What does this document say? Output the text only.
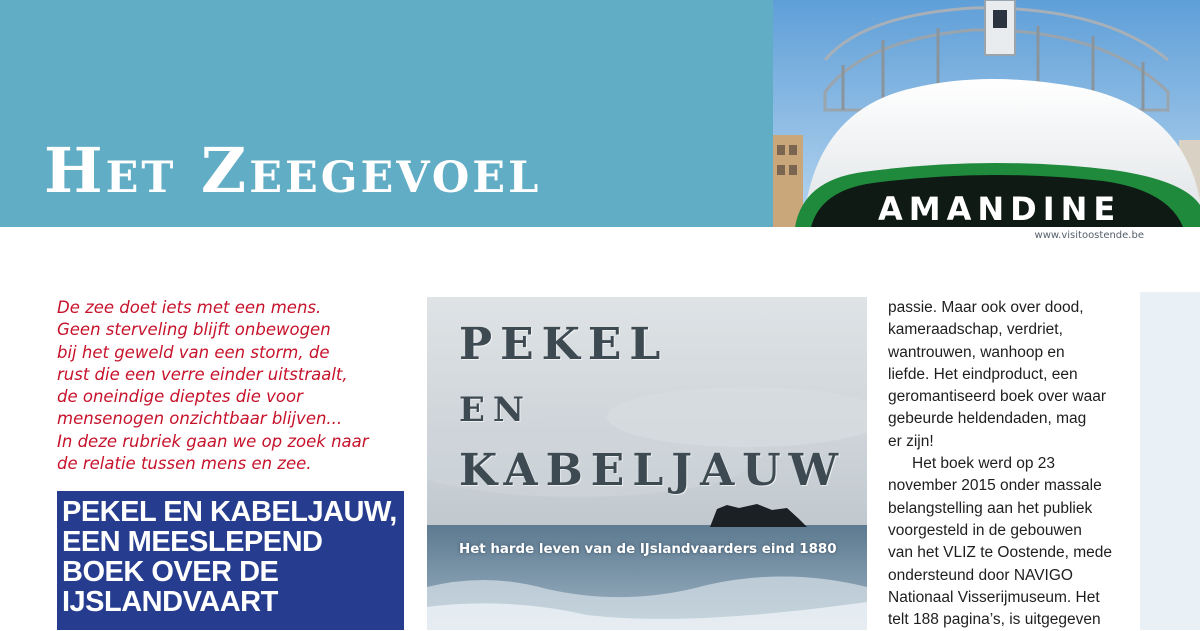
Het Zeegevoel
AMANDINE
www.visitoostende.be

De zee doet iets met een mens.
Geen sterveling blijft onbewogen
bij het geweld van een storm, de
rust die een verre einder uitstraalt,
de oneindige dieptes die voor
mensenogen onzichtbaar blijven...
In deze rubriek gaan we op zoek naar
de relatie tussen mens en zee.

PEKEL EN KABELJAUW,
EEN MEESLEPEND
BOEK OVER DE
IJSLANDVAART

PEKEL

EN

KABELJAUW

Het harde leven van de IJslandvaarders eind 1880

passie. Maar ook over dood,
kameraadschap, verdriet,
wantrouwen, wanhoop en
liefde. Het eindproduct, een
geromantiseerd boek over waar
gebeurde heldendaden, mag
er zijn!

Het boek werd op 23
november 2015 onder massale
belangstelling aan het publiek
voorgesteld in de gebouwen
van het VLIZ te Oostende, mede
ondersteund door NAVIGO
Nationaal Visserijmuseum. Het
telt 188 pagina’s, is uitgegeven
